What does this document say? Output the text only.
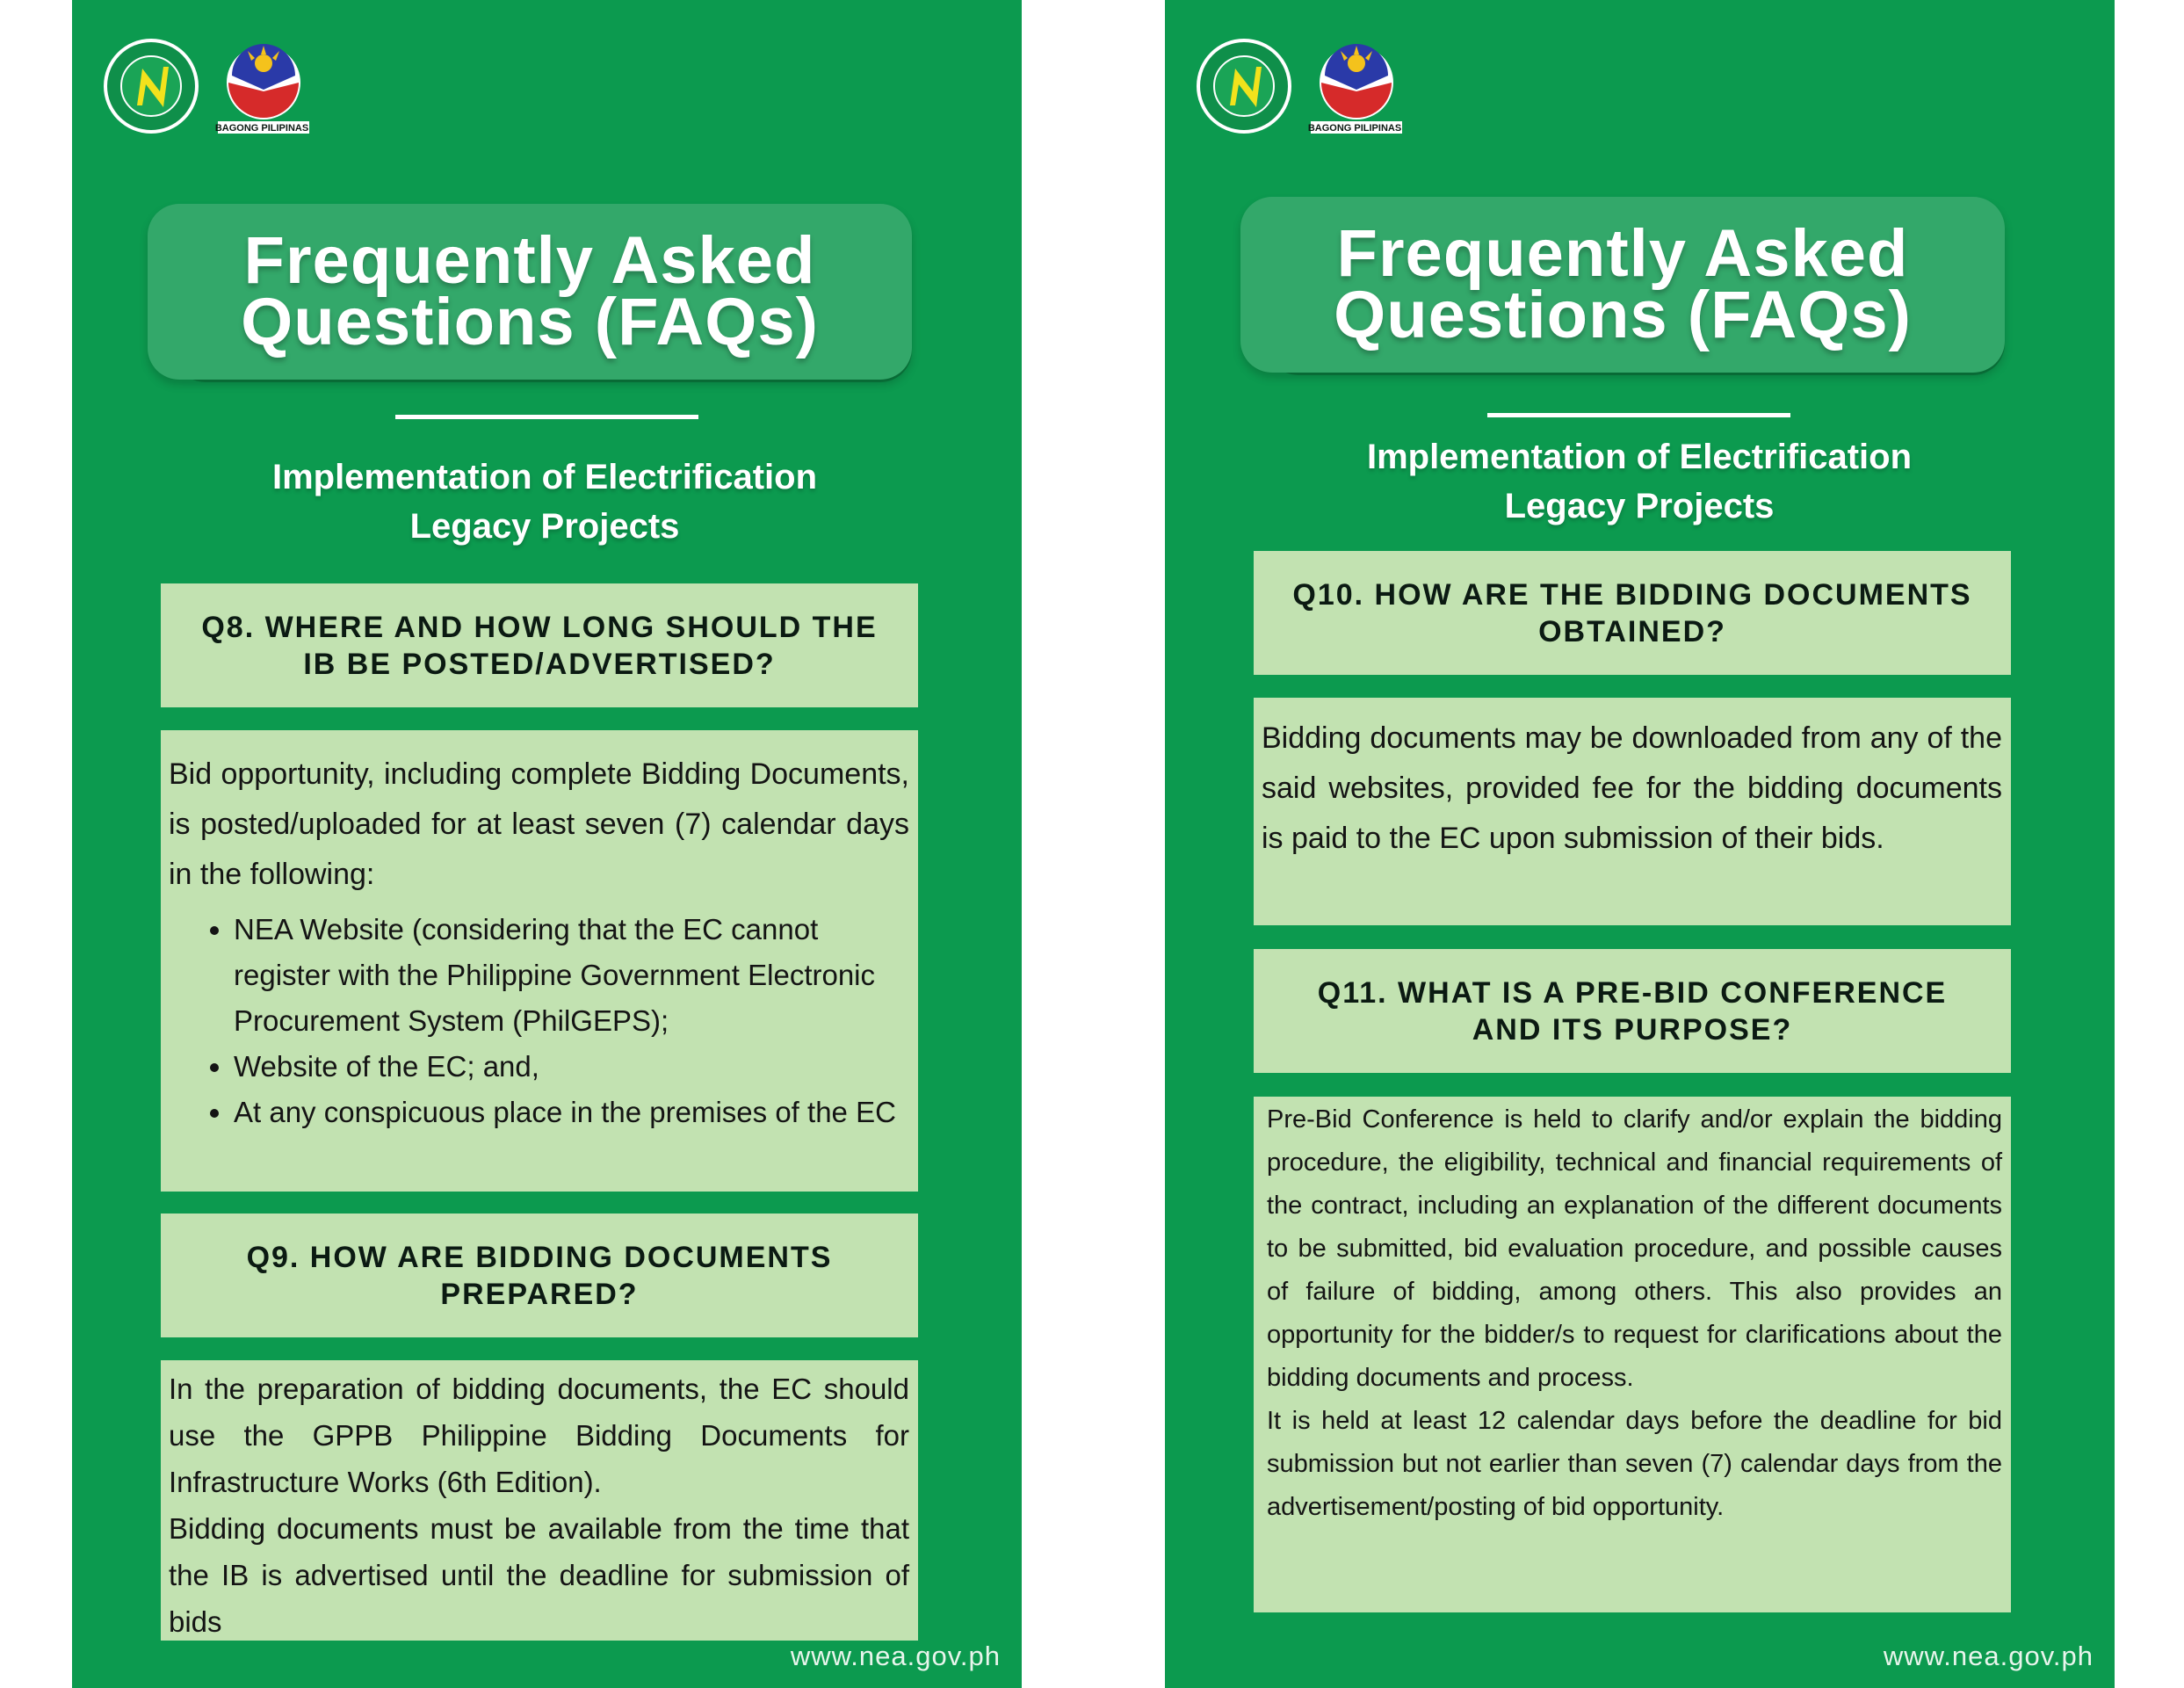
BAGONG PILIPINAS
Frequently Asked Questions (FAQs)
Implementation of Electrification Legacy Projects
Q8. WHERE AND HOW LONG SHOULD THE IB BE POSTED/ADVERTISED?

Bid opportunity, including complete Bidding Documents, is posted/uploaded for at least seven (7) calendar days in the following:

• NEA Website (considering that the EC cannot register with the Philippine Government Electronic Procurement System (PhilGEPS);
• Website of the EC; and,
• At any conspicuous place in the premises of the EC
Q9. HOW ARE BIDDING DOCUMENTS PREPARED?

In the preparation of bidding documents, the EC should use the GPPB Philippine Bidding Documents for Infrastructure Works (6th Edition).

Bidding documents must be available from the time that the IB is advertised until the deadline for submission of bids

www.nea.gov.ph
BAGONG PILIPINAS
Frequently Asked Questions (FAQs)
Implementation of Electrification Legacy Projects
Q10. HOW ARE THE BIDDING DOCUMENTS OBTAINED?

Bidding documents may be downloaded from any of the said websites, provided fee for the bidding documents is paid to the EC upon submission of their bids.

Q11. WHAT IS A PRE-BID CONFERENCE AND ITS PURPOSE?

Pre-Bid Conference is held to clarify and/or explain the bidding procedure, the eligibility, technical and financial requirements of the contract, including an explanation of the different documents to be submitted, bid evaluation procedure, and possible causes of failure of bidding, among others. This also provides an opportunity for the bidder/s to request for clarifications about the bidding documents and process.

It is held at least 12 calendar days before the deadline for bid submission but not earlier than seven (7) calendar days from the advertisement/posting of bid opportunity.

www.nea.gov.ph
